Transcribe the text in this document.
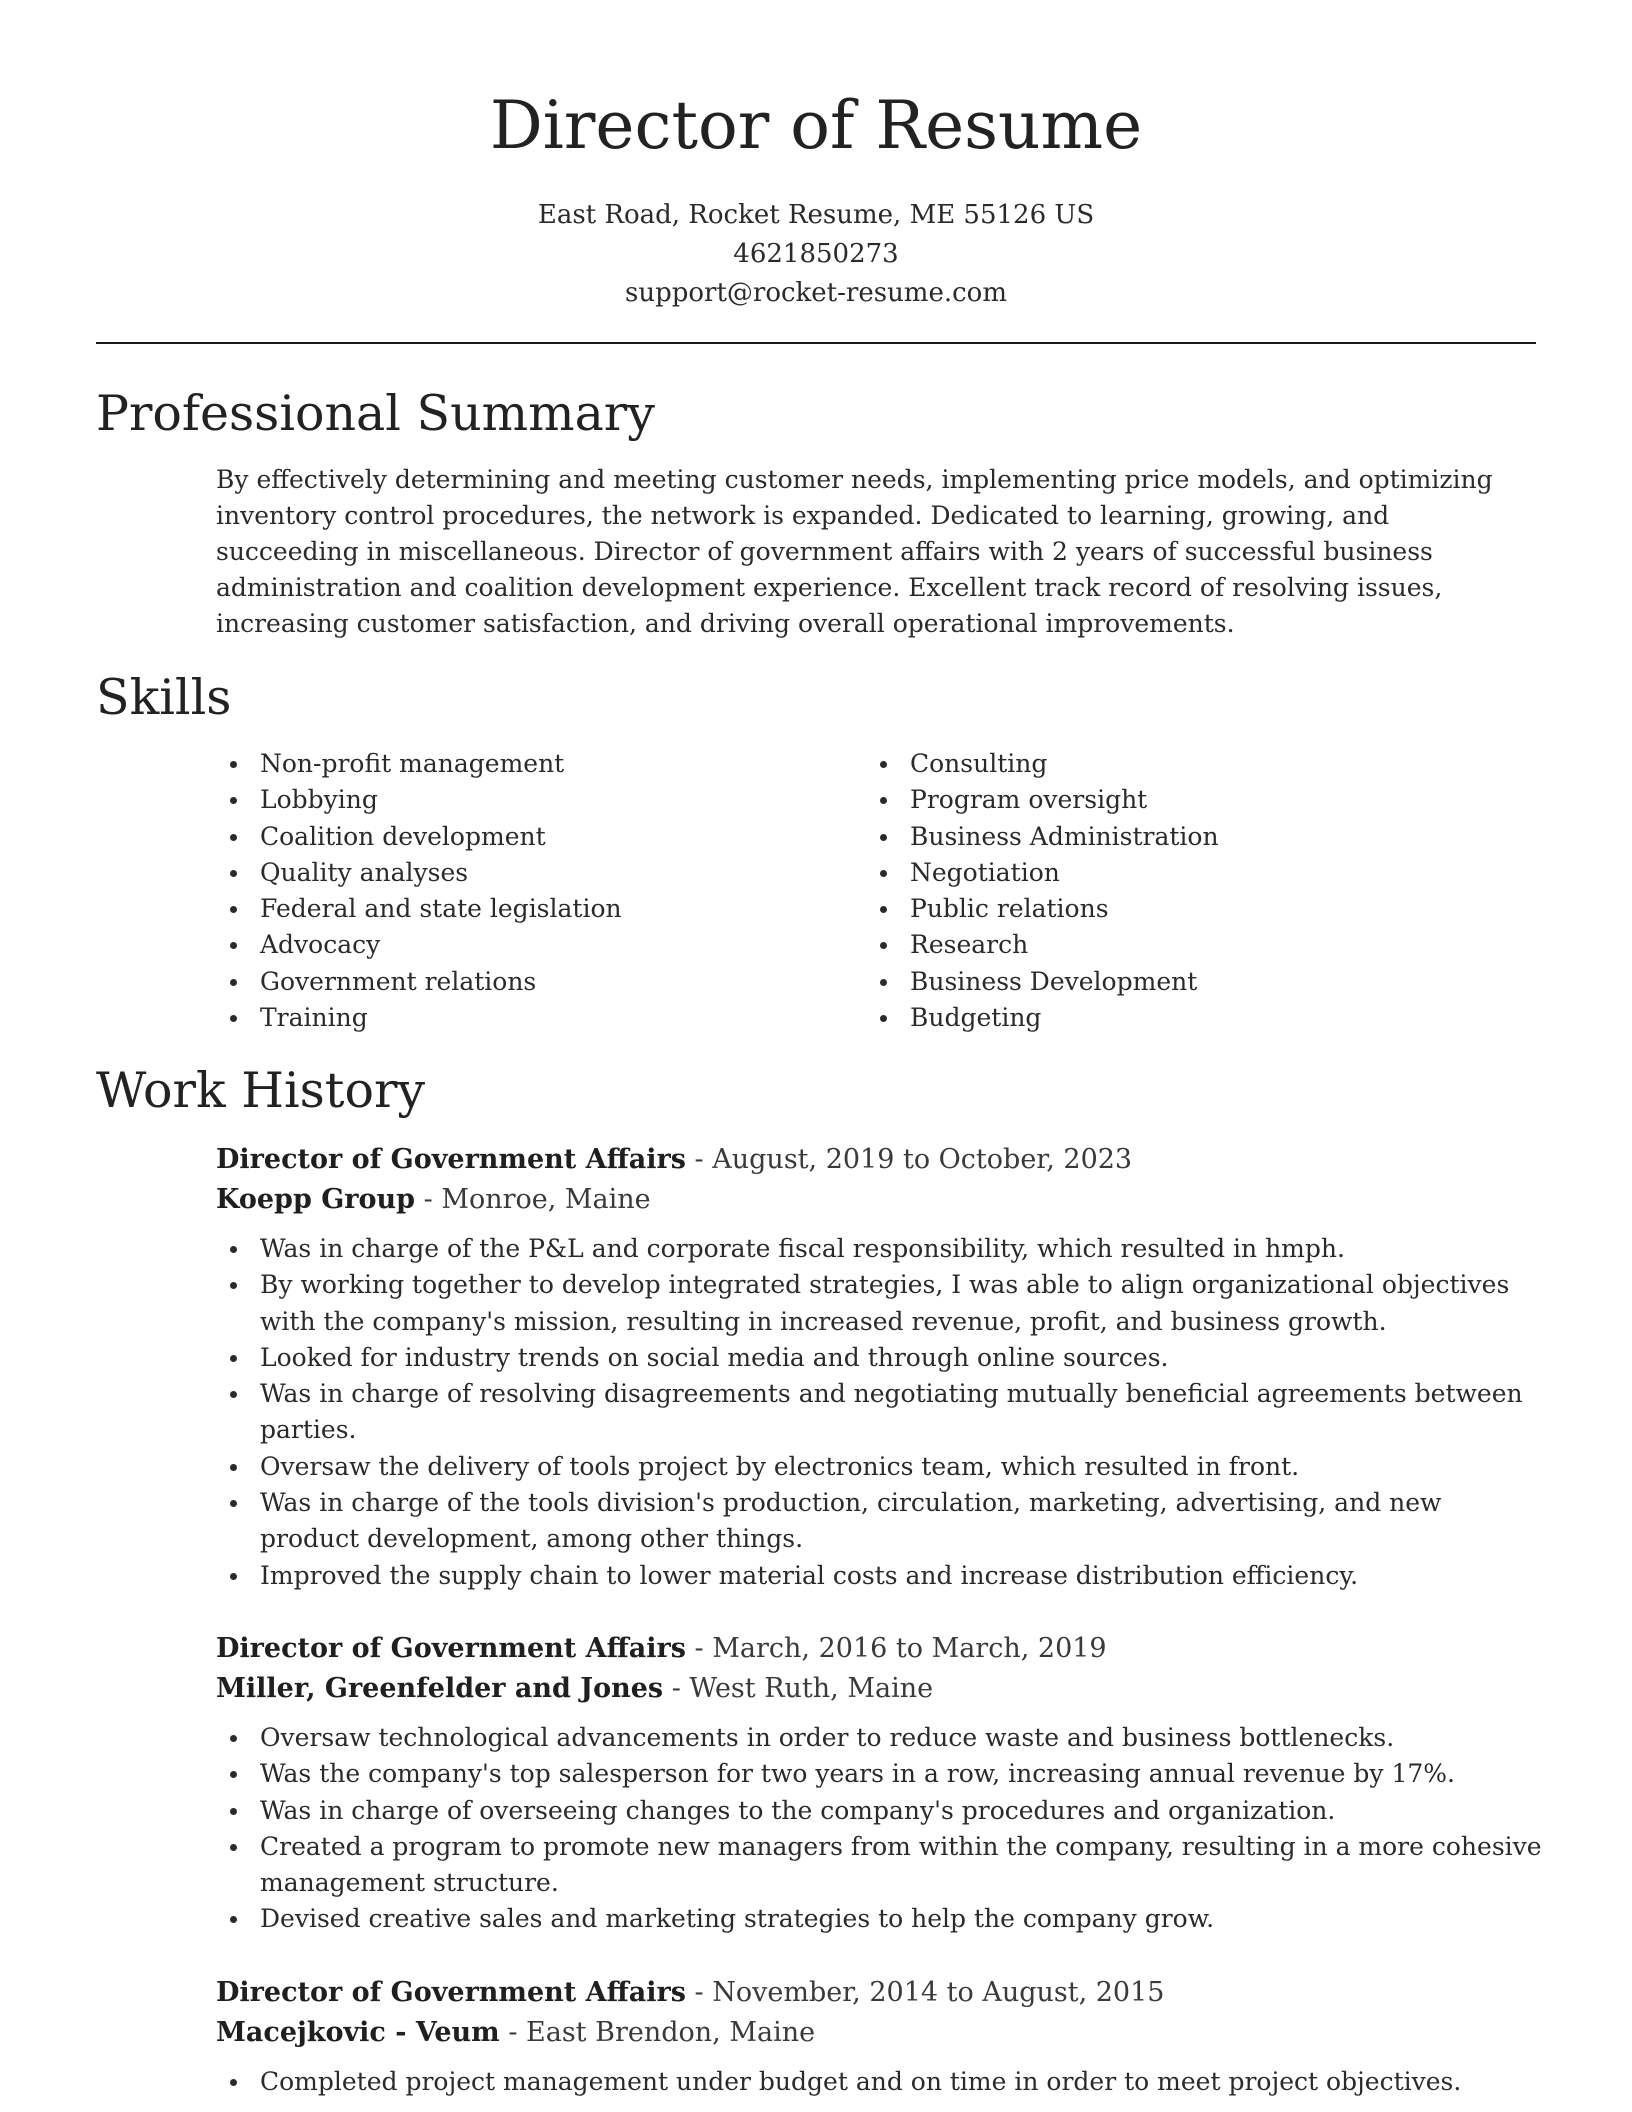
Director of Resume
East Road, Rocket Resume, ME 55126 US
4621850273
support@rocket-resume.com
Professional Summary
By effectively determining and meeting customer needs, implementing price models, and optimizing inventory control procedures, the network is expanded. Dedicated to learning, growing, and succeeding in miscellaneous. Director of government affairs with 2 years of successful business administration and coalition development experience. Excellent track record of resolving issues, increasing customer satisfaction, and driving overall operational improvements.
Skills
Non-profit management
Lobbying
Coalition development
Quality analyses
Federal and state legislation
Advocacy
Government relations
Training
Consulting
Program oversight
Business Administration
Negotiation
Public relations
Research
Business Development
Budgeting
Work History
Director of Government Affairs - August, 2019 to October, 2023
Koepp Group - Monroe, Maine
Was in charge of the P&L and corporate fiscal responsibility, which resulted in hmph.
By working together to develop integrated strategies, I was able to align organizational objectives with the company's mission, resulting in increased revenue, profit, and business growth.
Looked for industry trends on social media and through online sources.
Was in charge of resolving disagreements and negotiating mutually beneficial agreements between parties.
Oversaw the delivery of tools project by electronics team, which resulted in front.
Was in charge of the tools division's production, circulation, marketing, advertising, and new product development, among other things.
Improved the supply chain to lower material costs and increase distribution efficiency.
Director of Government Affairs - March, 2016 to March, 2019
Miller, Greenfelder and Jones - West Ruth, Maine
Oversaw technological advancements in order to reduce waste and business bottlenecks.
Was the company's top salesperson for two years in a row, increasing annual revenue by 17%.
Was in charge of overseeing changes to the company's procedures and organization.
Created a program to promote new managers from within the company, resulting in a more cohesive management structure.
Devised creative sales and marketing strategies to help the company grow.
Director of Government Affairs - November, 2014 to August, 2015
Macejkovic - Veum - East Brendon, Maine
Completed project management under budget and on time in order to meet project objectives.
